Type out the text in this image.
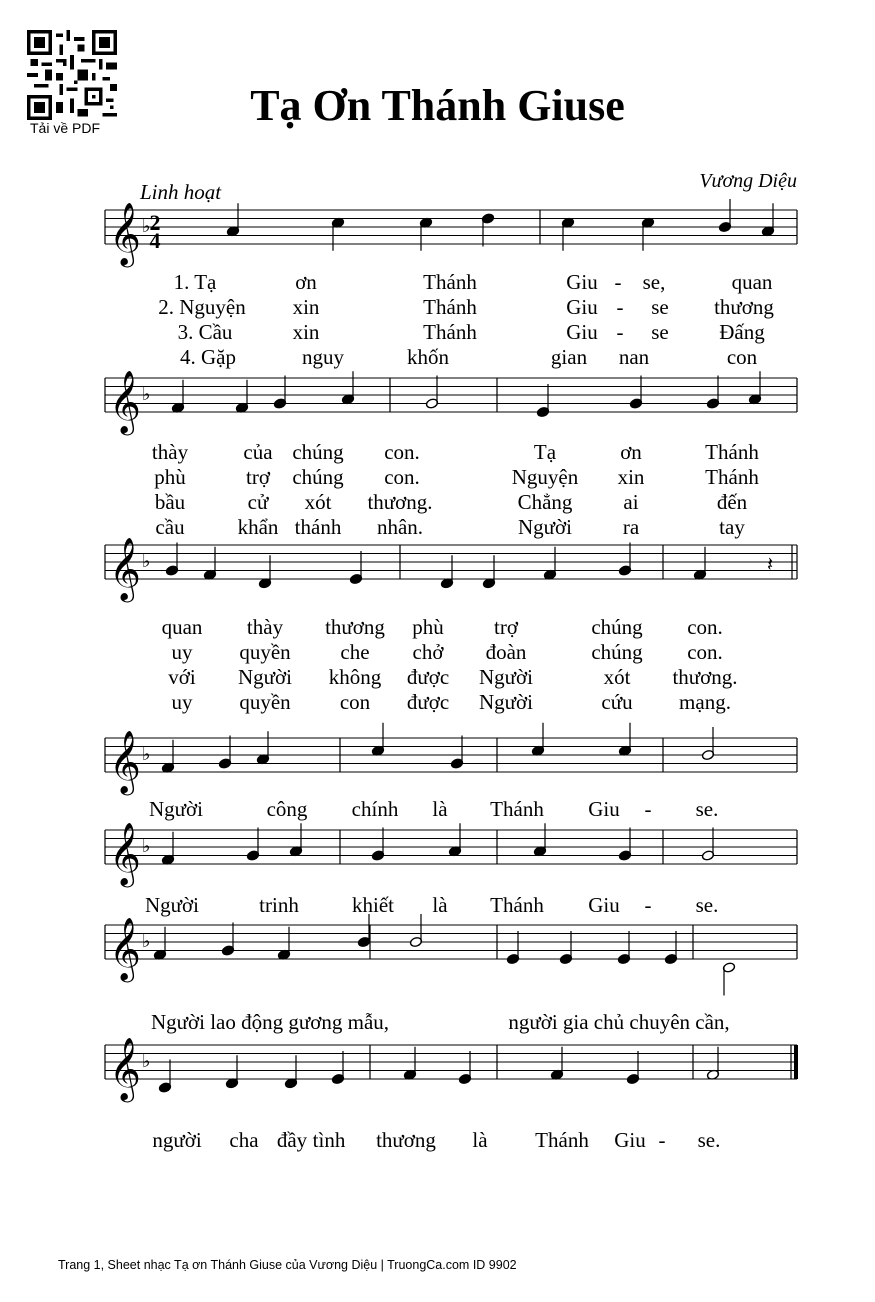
Tải về PDF	Tạ Ơn Thánh Giuse
Linh hoạt	Vương Diệu
𝄞 ♭
𝄞 ♭
𝄞 ♭
𝄞 ♭
𝄞 ♭
𝄞 ♭
𝄞 ♭
𝄽
2
4
1. Tạ	ơn	Thánh	Giu - se,	quan
2. Nguyện xin	Thánh	Giu - se thương
3. Cầu	xin	Thánh	Giu - se Đấng
4. Gặp	nguy	khốn	gian nan	con
thày	của chúng con.	Tạ	ơn	Thánh
phù	trợ chúng con.	Nguyện xin	Thánh
bầu	cử xót thương.	Chẳng ai	đến
cầu	khẩn thánh nhân.	Người ra	tay
quan thày thương phù trợ	chúng con.
uy quyền che chở đoàn	chúng con.
với Người không được Người	xót thương.
uy quyền con được Người	cứu mạng.
Người	công chính là Thánh Giu - se.
Người	trinh	khiết là Thánh Giu - se.
Người lao động gương mẫu,	người gia chủ chuyên cần,
người cha đầy tình thương là Thánh Giu - se.
Trang 1, Sheet nhạc Tạ ơn Thánh Giuse của Vương Diệu | TruongCa.com ID 9902
